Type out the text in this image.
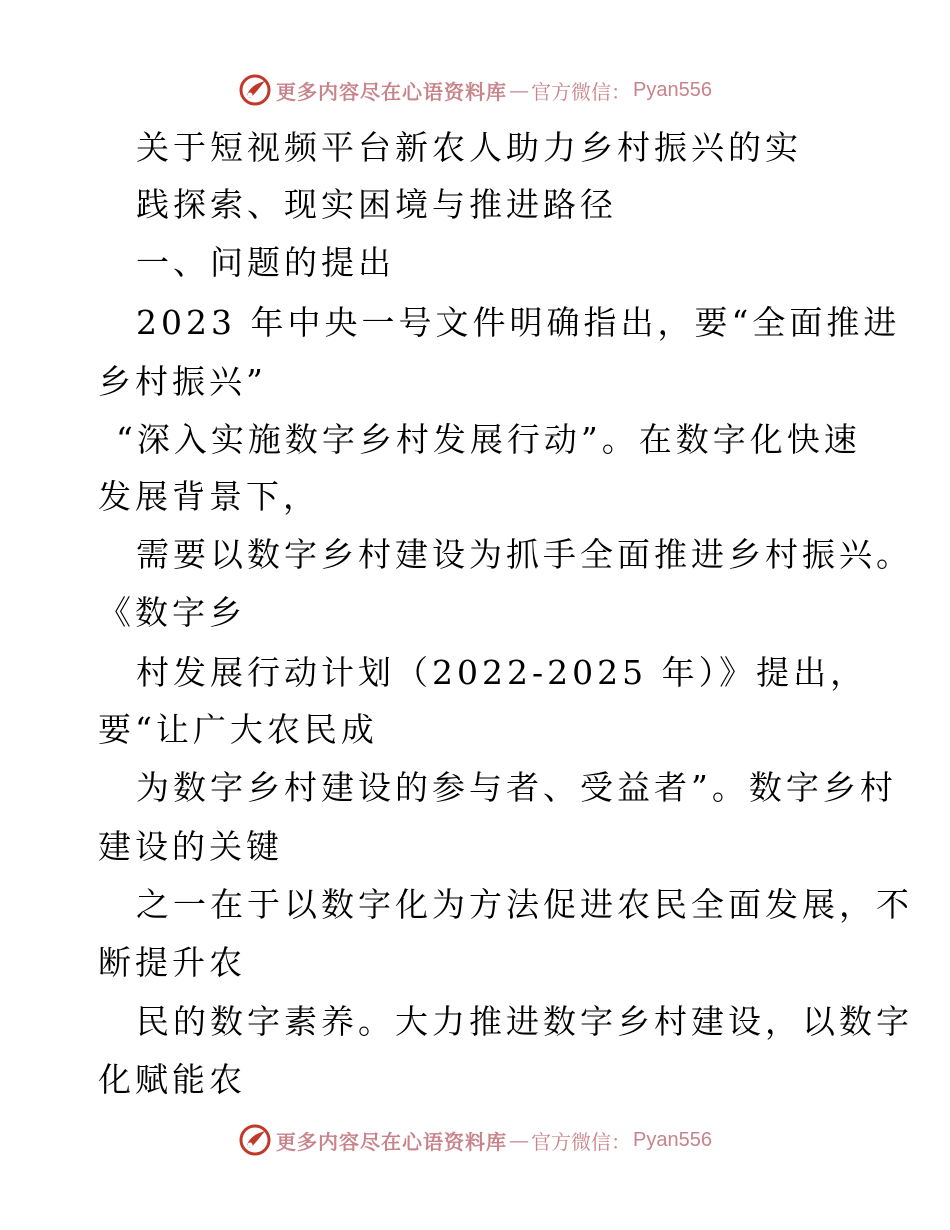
更多内容尽在心语资料库 — 官方微信： Pyan556
关于短视频平台新农人助力乡村振兴的实
践探索、现实困境与推进路径
一、问题的提出
2023 年中央一号文件明确指出，要“全面推进
乡村振兴”
“深入实施数字乡村发展行动”。在数字化快速
发展背景下，
需要以数字乡村建设为抓手全面推进乡村振兴。
《数字乡
村发展行动计划（2022-2025 年）》提出，
要“让广大农民成
为数字乡村建设的参与者、受益者”。数字乡村
建设的关键
之一在于以数字化为方法促进农民全面发展，不
断提升农
民的数字素养。大力推进数字乡村建设，以数字
化赋能农
更多内容尽在心语资料库 — 官方微信： Pyan556
